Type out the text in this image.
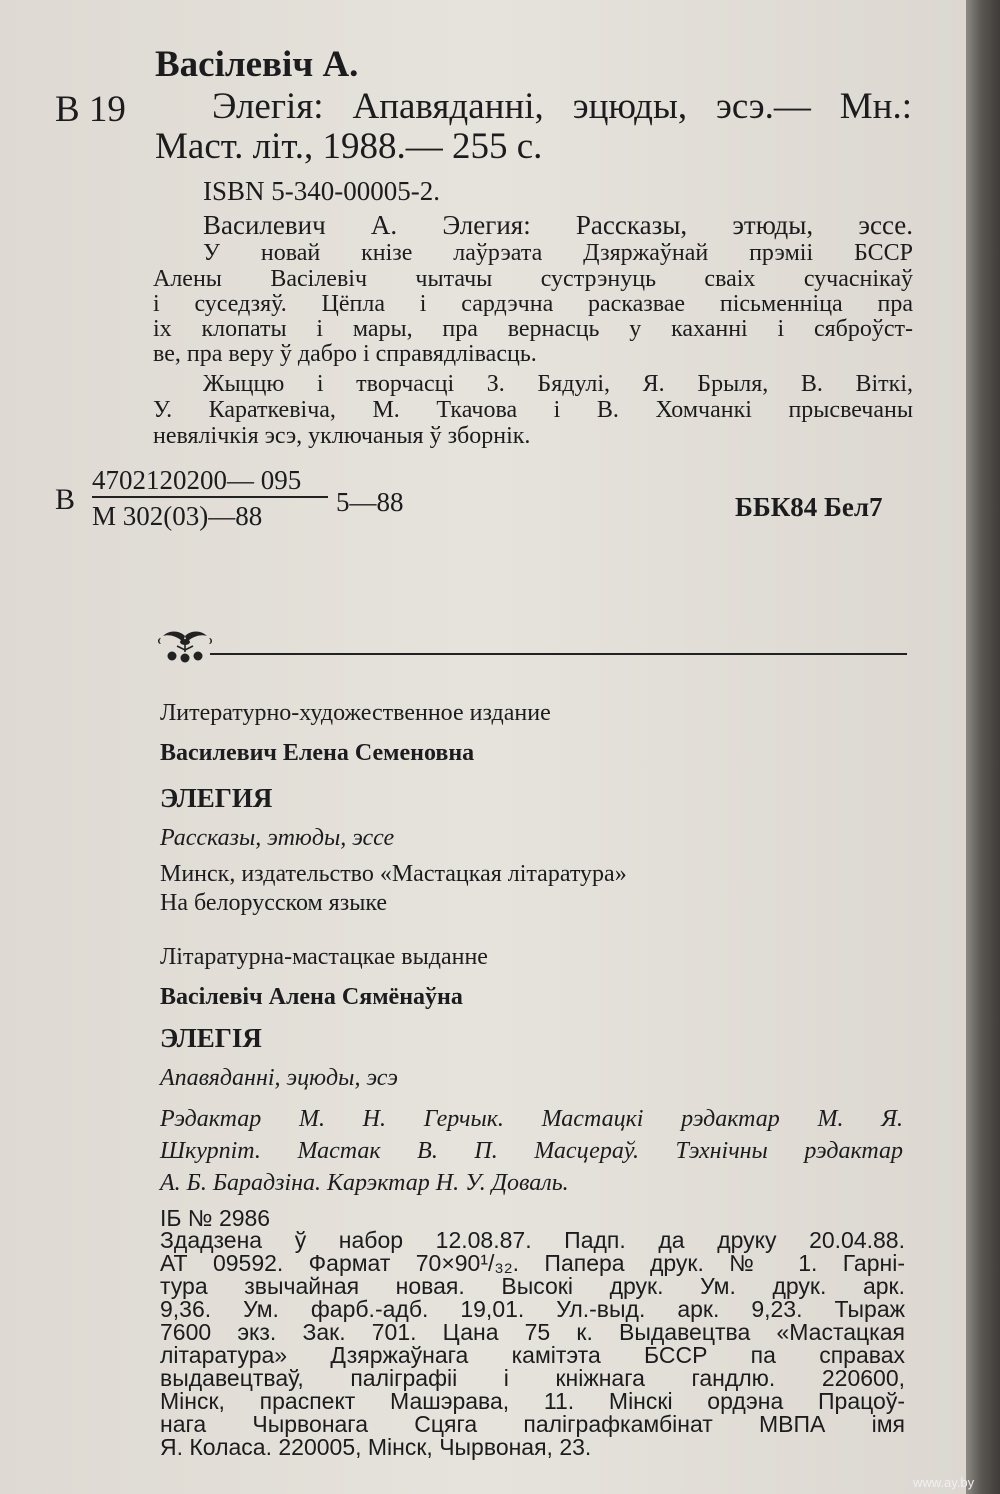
Васілевіч А.

В 19 Элегія: Апавяданні, эцюды, эсэ.— Мн.:

Маст. літ., 1988.— 255 с.

ISBN 5-340-00005-2.

Василевич А. Элегия: Рассказы, этюды, эссе.

У новай кнізе лаўрэата Дзяржаўнай прэміі БССР

Алены Васілевіч чытачы сустрэнуць сваіх сучаснікаў

і суседзяў. Цёпла і сардэчна расказвае пісьменніца пра

іх клопаты і мары, пра вернасць у каханні і сяброўст-

ве, пра веру ў дабро і справядлівасць.

Жыццю і творчасці З. Бядулі, Я. Брыля, В. Віткі,

У. Караткевіча, М. Ткачова і В. Хомчанкі прысвечаны

невялічкія эсэ, уключаныя ў зборнік.

В

4702120200— 095

М 302(03)—88	5—88	ББК84 Бел7

Литературно-художественное издание

Василевич Елена Семеновна

ЭЛЕГИЯ

Рассказы, этюды, эссе

Минск, издательство «Мастацкая літаратура»

На белорусском языке

Літаратурна-мастацкае выданне

Васілевіч Алена Сямёнаўна

ЭЛЕГІЯ

Апавяданні, эцюды, эсэ

Рэдактар М. Н. Герчык. Мастацкі рэдактар М. Я.

Шкурпіт. Мастак В. П. Масцераў. Тэхнічны рэдактар

А. Б. Барадзіна. Карэктар Н. У. Доваль.

ІБ № 2986

Здадзена ў набор 12.08.87. Падп. да друку 20.04.88.

АТ 09592. Фармат 70×90¹/₃₂. Папера друк. № 1. Гарні-

тура звычайная новая. Высокі друк. Ум. друк. арк.

9,36. Ум. фарб.-адб. 19,01. Ул.-выд. арк. 9,23. Тыраж

7600 экз. Зак. 701. Цана 75 к. Выдавецтва «Мастацкая

літаратура» Дзяржаўнага камітэта БССР па справах

выдавецтваў, паліграфіі і кніжнага гандлю. 220600,

Мінск, праспект Машэрава, 11. Мінскі ордэна Працоў-

нага Чырвонага Сцяга паліграфкамбінат МВПА імя

Я. Коласа. 220005, Мінск, Чырвоная, 23.

www.ay.by
